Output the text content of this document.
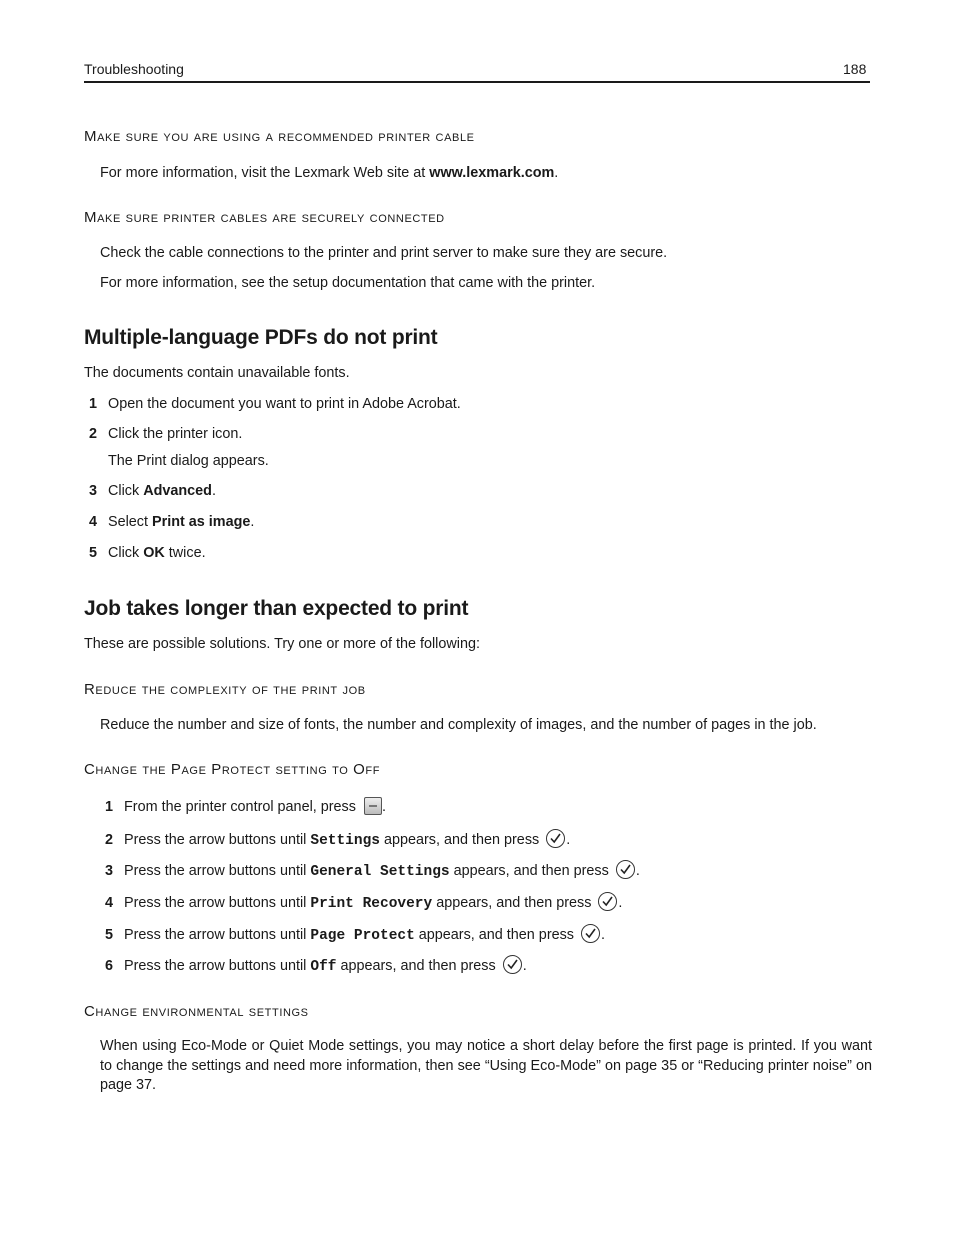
Troubleshooting	188
Make sure you are using a recommended printer cable
For more information, visit the Lexmark Web site at www.lexmark.com.
Make sure printer cables are securely connected
Check the cable connections to the printer and print server to make sure they are secure.
For more information, see the setup documentation that came with the printer.
Multiple-language PDFs do not print
The documents contain unavailable fonts.
1 Open the document you want to print in Adobe Acrobat.
2 Click the printer icon.
The Print dialog appears.
3 Click Advanced.
4 Select Print as image.
5 Click OK twice.
Job takes longer than expected to print
These are possible solutions. Try one or more of the following:
Reduce the complexity of the print job
Reduce the number and size of fonts, the number and complexity of images, and the number of pages in the job.
Change the Page Protect setting to Off
1 From the printer control panel, press .
2 Press the arrow buttons until Settings appears, and then press
.
3 Press the arrow buttons until General Settings appears, and then press
.
4 Press the arrow buttons until Print Recovery appears, and then press
.
5 Press the arrow buttons until Page Protect appears, and then press
.
6 Press the arrow buttons until Off appears, and then press
.
Change environmental settings
When using Eco-Mode or Quiet Mode settings, you may notice a short delay before the first page is printed. If you want to change the settings and need more information, then see “Using Eco-Mode” on page 35 or “Reducing printer noise” on page 37.
